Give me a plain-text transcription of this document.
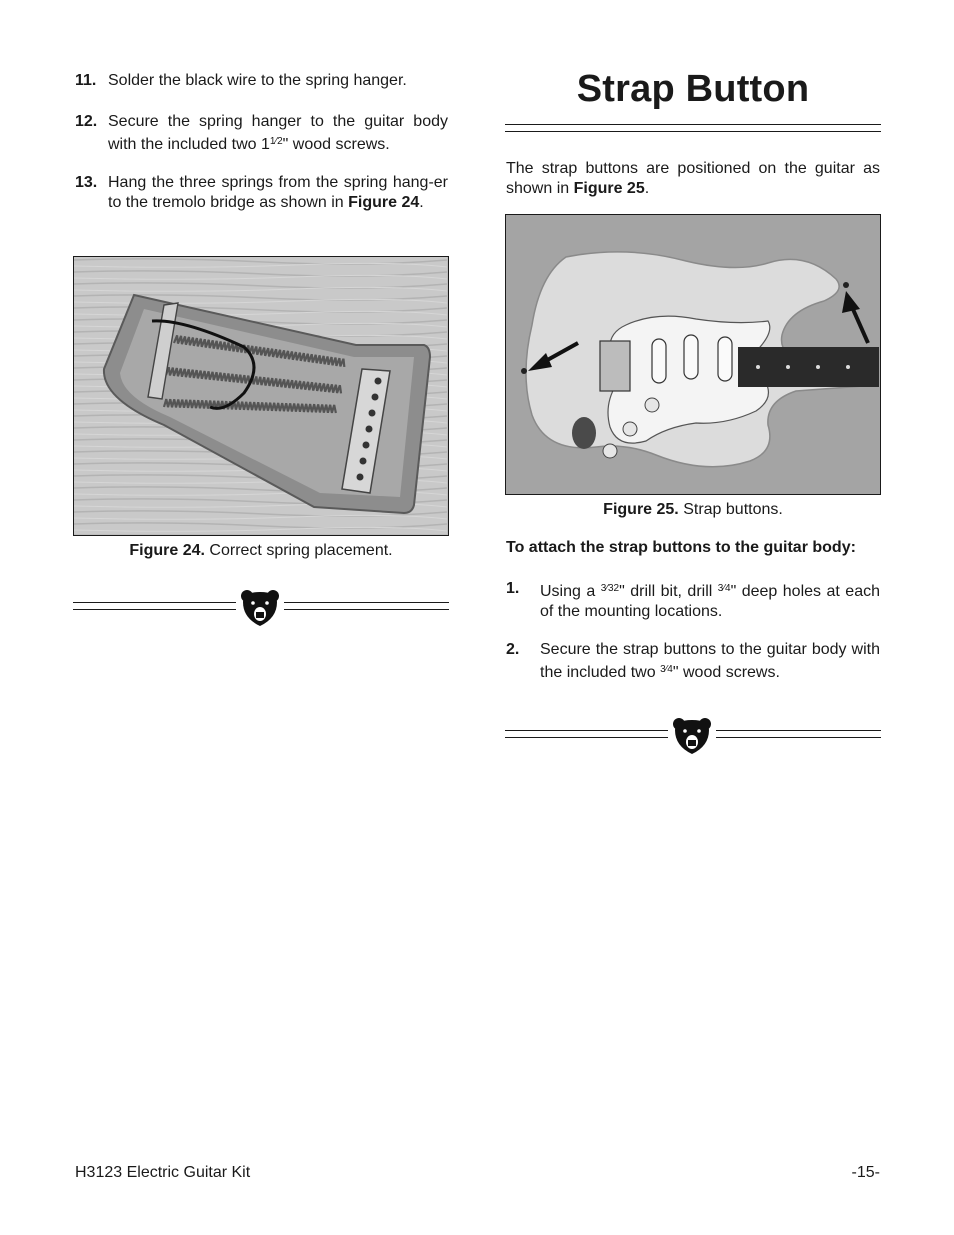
11. Solder the black wire to the spring hanger.
12. Secure the spring hanger to the guitar body with the included two $1^{1⁄2}$" wood screws.
13. Hang the three springs from the spring hang-er to the tremolo bridge as shown in Figure 24.
Figure 24. Correct spring placement.
Strap Button
The strap buttons are positioned on the guitar as shown in Figure 25.
Figure 25. Strap buttons.
To attach the strap buttons to the guitar body:
1. Using a $^{3⁄32}$" drill bit, drill $^{3⁄4}$" deep holes at each of the mounting locations.
2. Secure the strap buttons to the guitar body with the included two $^{3⁄4}$" wood screws.
H3123 Electric Guitar Kit	-15-
